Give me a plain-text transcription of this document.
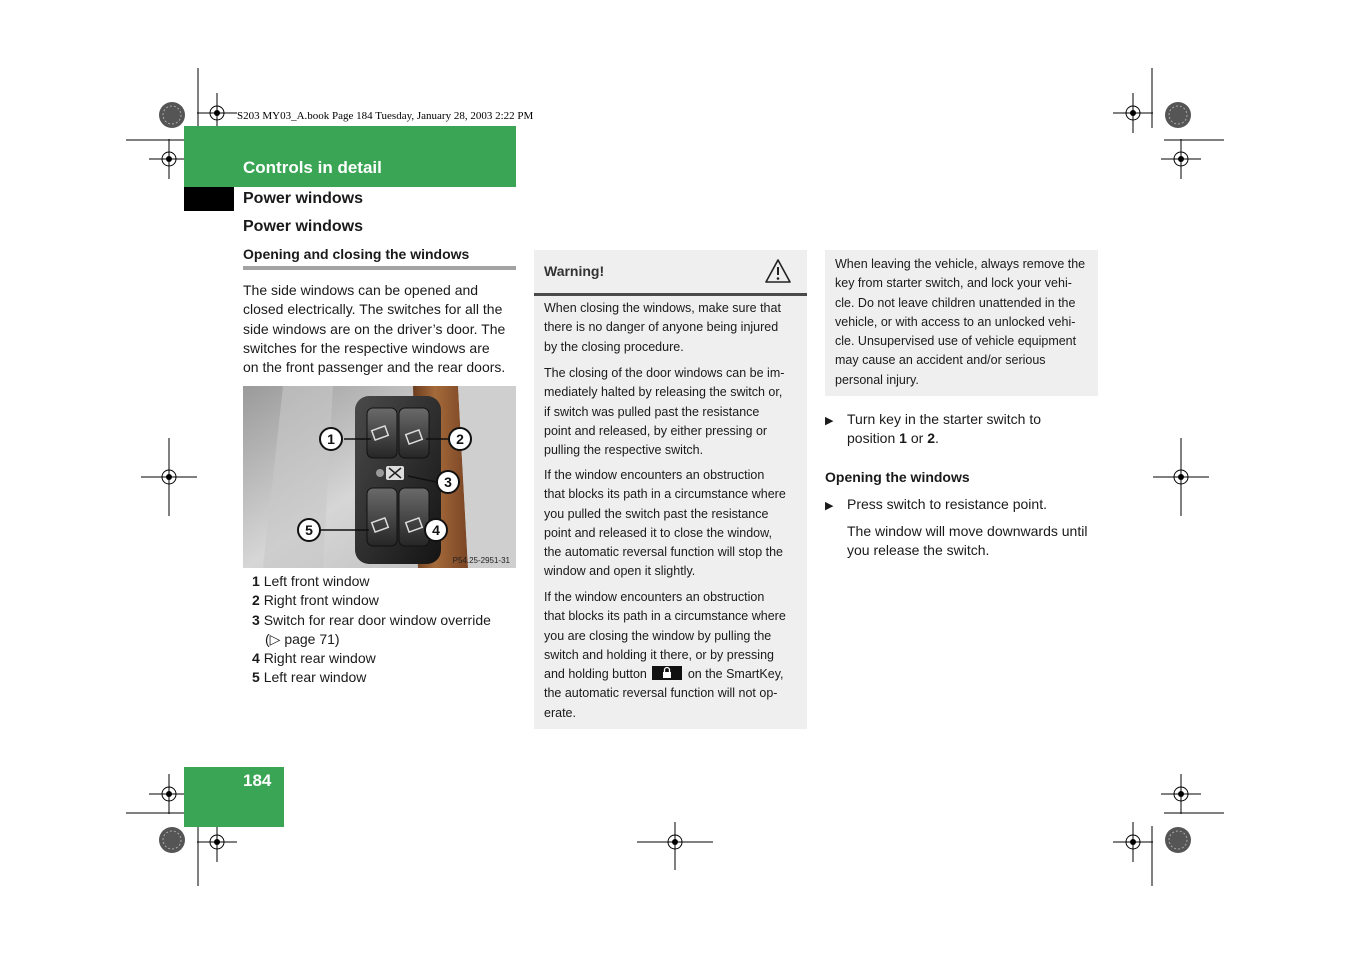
S203 MY03_A.book Page 184 Tuesday, January 28, 2003 2:22 PM
Controls in detail
Power windows
Power windows
Opening and closing the windows
The side windows can be opened and
closed electrically. The switches for all the
side windows are on the driver’s door. The
switches for the respective windows are
on the front passenger and the rear doors.
1	2
3
4
5
P54.25-2951-31
1 Left front window
2 Right front window
3 Switch for rear door window override
(▷ page 71)
4 Right rear window
5 Left rear window
Warning!
When closing the windows, make sure that
there is no danger of anyone being injured
by the closing procedure.
The closing of the door windows can be im-
mediately halted by releasing the switch or,
if switch was pulled past the resistance
point and released, by either pressing or
pulling the respective switch.
If the window encounters an obstruction
that blocks its path in a circumstance where
you pulled the switch past the resistance
point and released it to close the window,
the automatic reversal function will stop the
window and open it slightly.
If the window encounters an obstruction
that blocks its path in a circumstance where
you are closing the window by pulling the
switch and holding it there, or by pressing
and holding button	on the SmartKey,
the automatic reversal function will not op-
erate.
When leaving the vehicle, always remove the
key from starter switch, and lock your vehi-
cle. Do not leave children unattended in the
vehicle, or with access to an unlocked vehi-
cle. Unsupervised use of vehicle equipment
may cause an accident and/or serious
personal injury.
▶ Turn key in the starter switch to
position 1 or 2.
Opening the windows
▶ Press switch to resistance point.
The window will move downwards until
you release the switch.
184
